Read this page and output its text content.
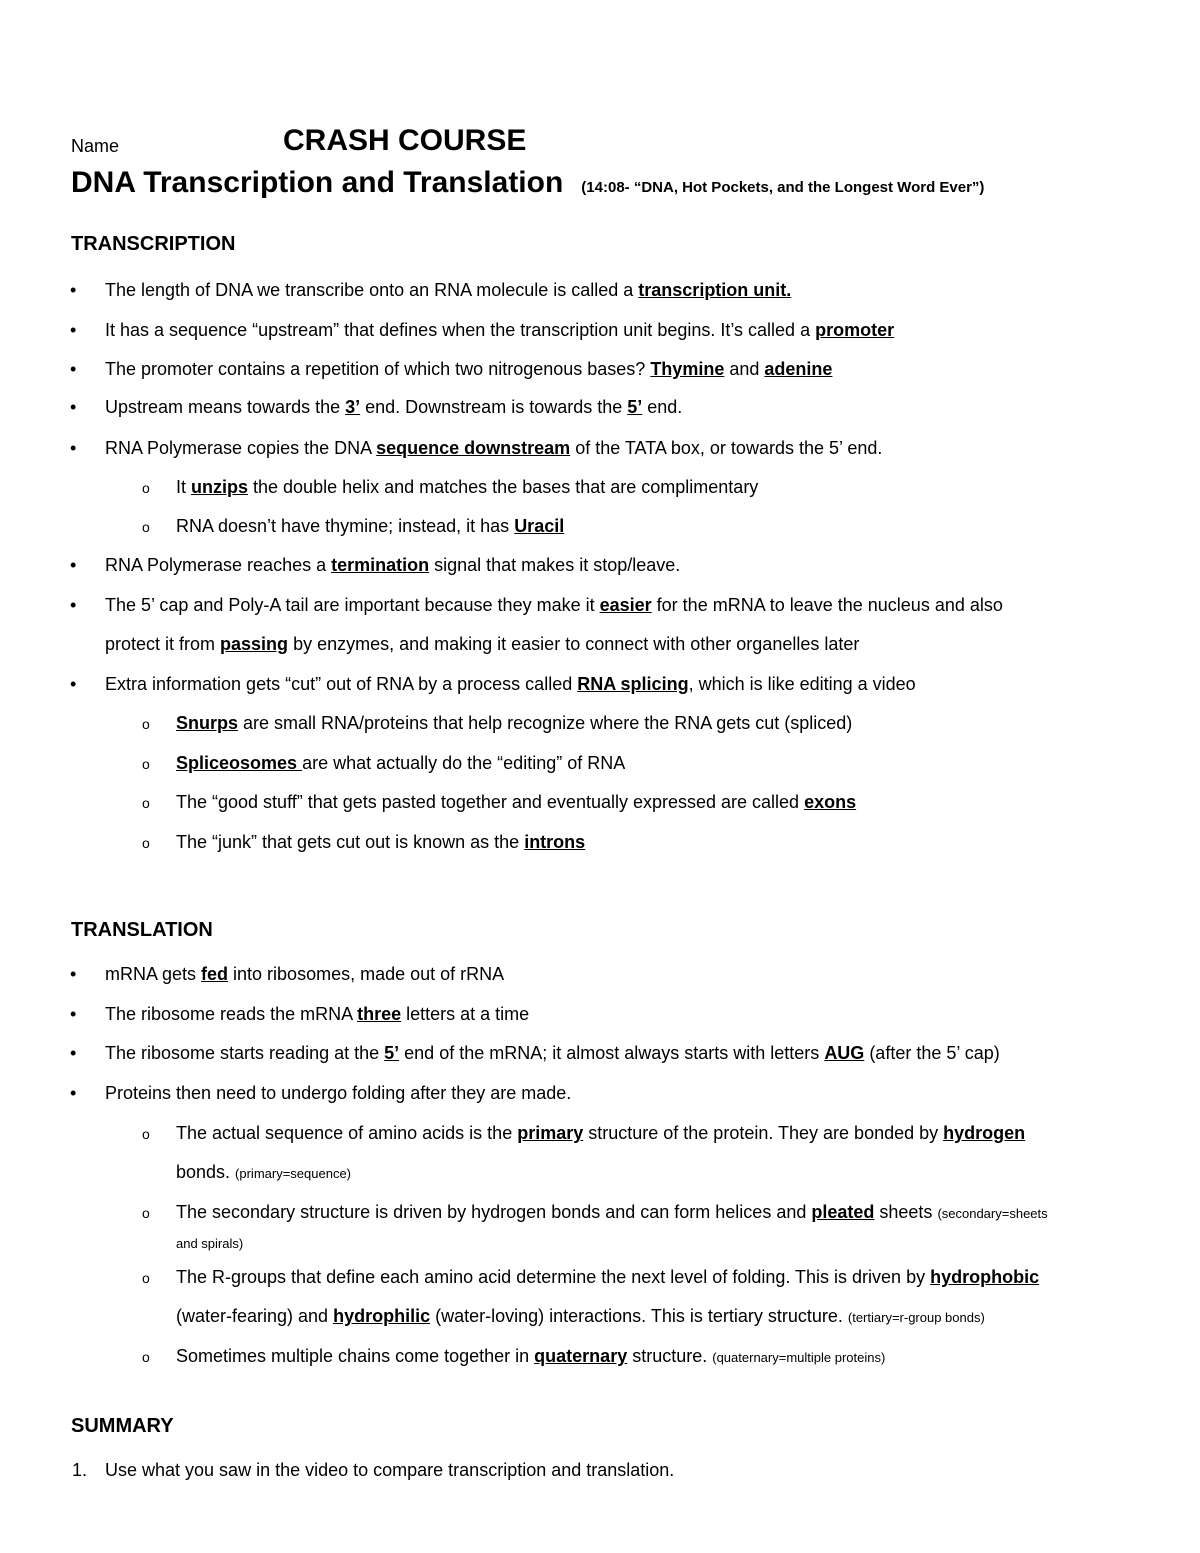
Name	CRASH COURSE
DNA Transcription and Translation (14:08- “DNA, Hot Pockets, and the Longest Word Ever”)
TRANSCRIPTION
• The length of DNA we transcribe onto an RNA molecule is called a transcription unit.
• It has a sequence “upstream” that defines when the transcription unit begins. It’s called a promoter
• The promoter contains a repetition of which two nitrogenous bases? Thymine and adenine
• Upstream means towards the 3’ end. Downstream is towards the 5’ end.
• RNA Polymerase copies the DNA sequence downstream of the TATA box, or towards the 5’ end.
o It unzips the double helix and matches the bases that are complimentary
o RNA doesn’t have thymine; instead, it has Uracil
• RNA Polymerase reaches a termination signal that makes it stop/leave.
• The 5’ cap and Poly-A tail are important because they make it easier for the mRNA to leave the nucleus and also
protect it from passing by enzymes, and making it easier to connect with other organelles later
• Extra information gets “cut” out of RNA by a process called RNA splicing, which is like editing a video
o Snurps are small RNA/proteins that help recognize where the RNA gets cut (spliced)
o Spliceosomes are what actually do the “editing” of RNA
o The “good stuff” that gets pasted together and eventually expressed are called exons
o The “junk” that gets cut out is known as the introns
TRANSLATION
• mRNA gets fed into ribosomes, made out of rRNA
• The ribosome reads the mRNA three letters at a time
• The ribosome starts reading at the 5’ end of the mRNA; it almost always starts with letters AUG (after the 5’ cap)
• Proteins then need to undergo folding after they are made.
o The actual sequence of amino acids is the primary structure of the protein. They are bonded by hydrogen
bonds. (primary=sequence)
o The secondary structure is driven by hydrogen bonds and can form helices and pleated sheets (secondary=sheets
and spirals)
o The R-groups that define each amino acid determine the next level of folding. This is driven by hydrophobic
(water-fearing) and hydrophilic (water-loving) interactions. This is tertiary structure. (tertiary=r-group bonds)
o Sometimes multiple chains come together in quaternary structure. (quaternary=multiple proteins)
SUMMARY
1. Use what you saw in the video to compare transcription and translation.
